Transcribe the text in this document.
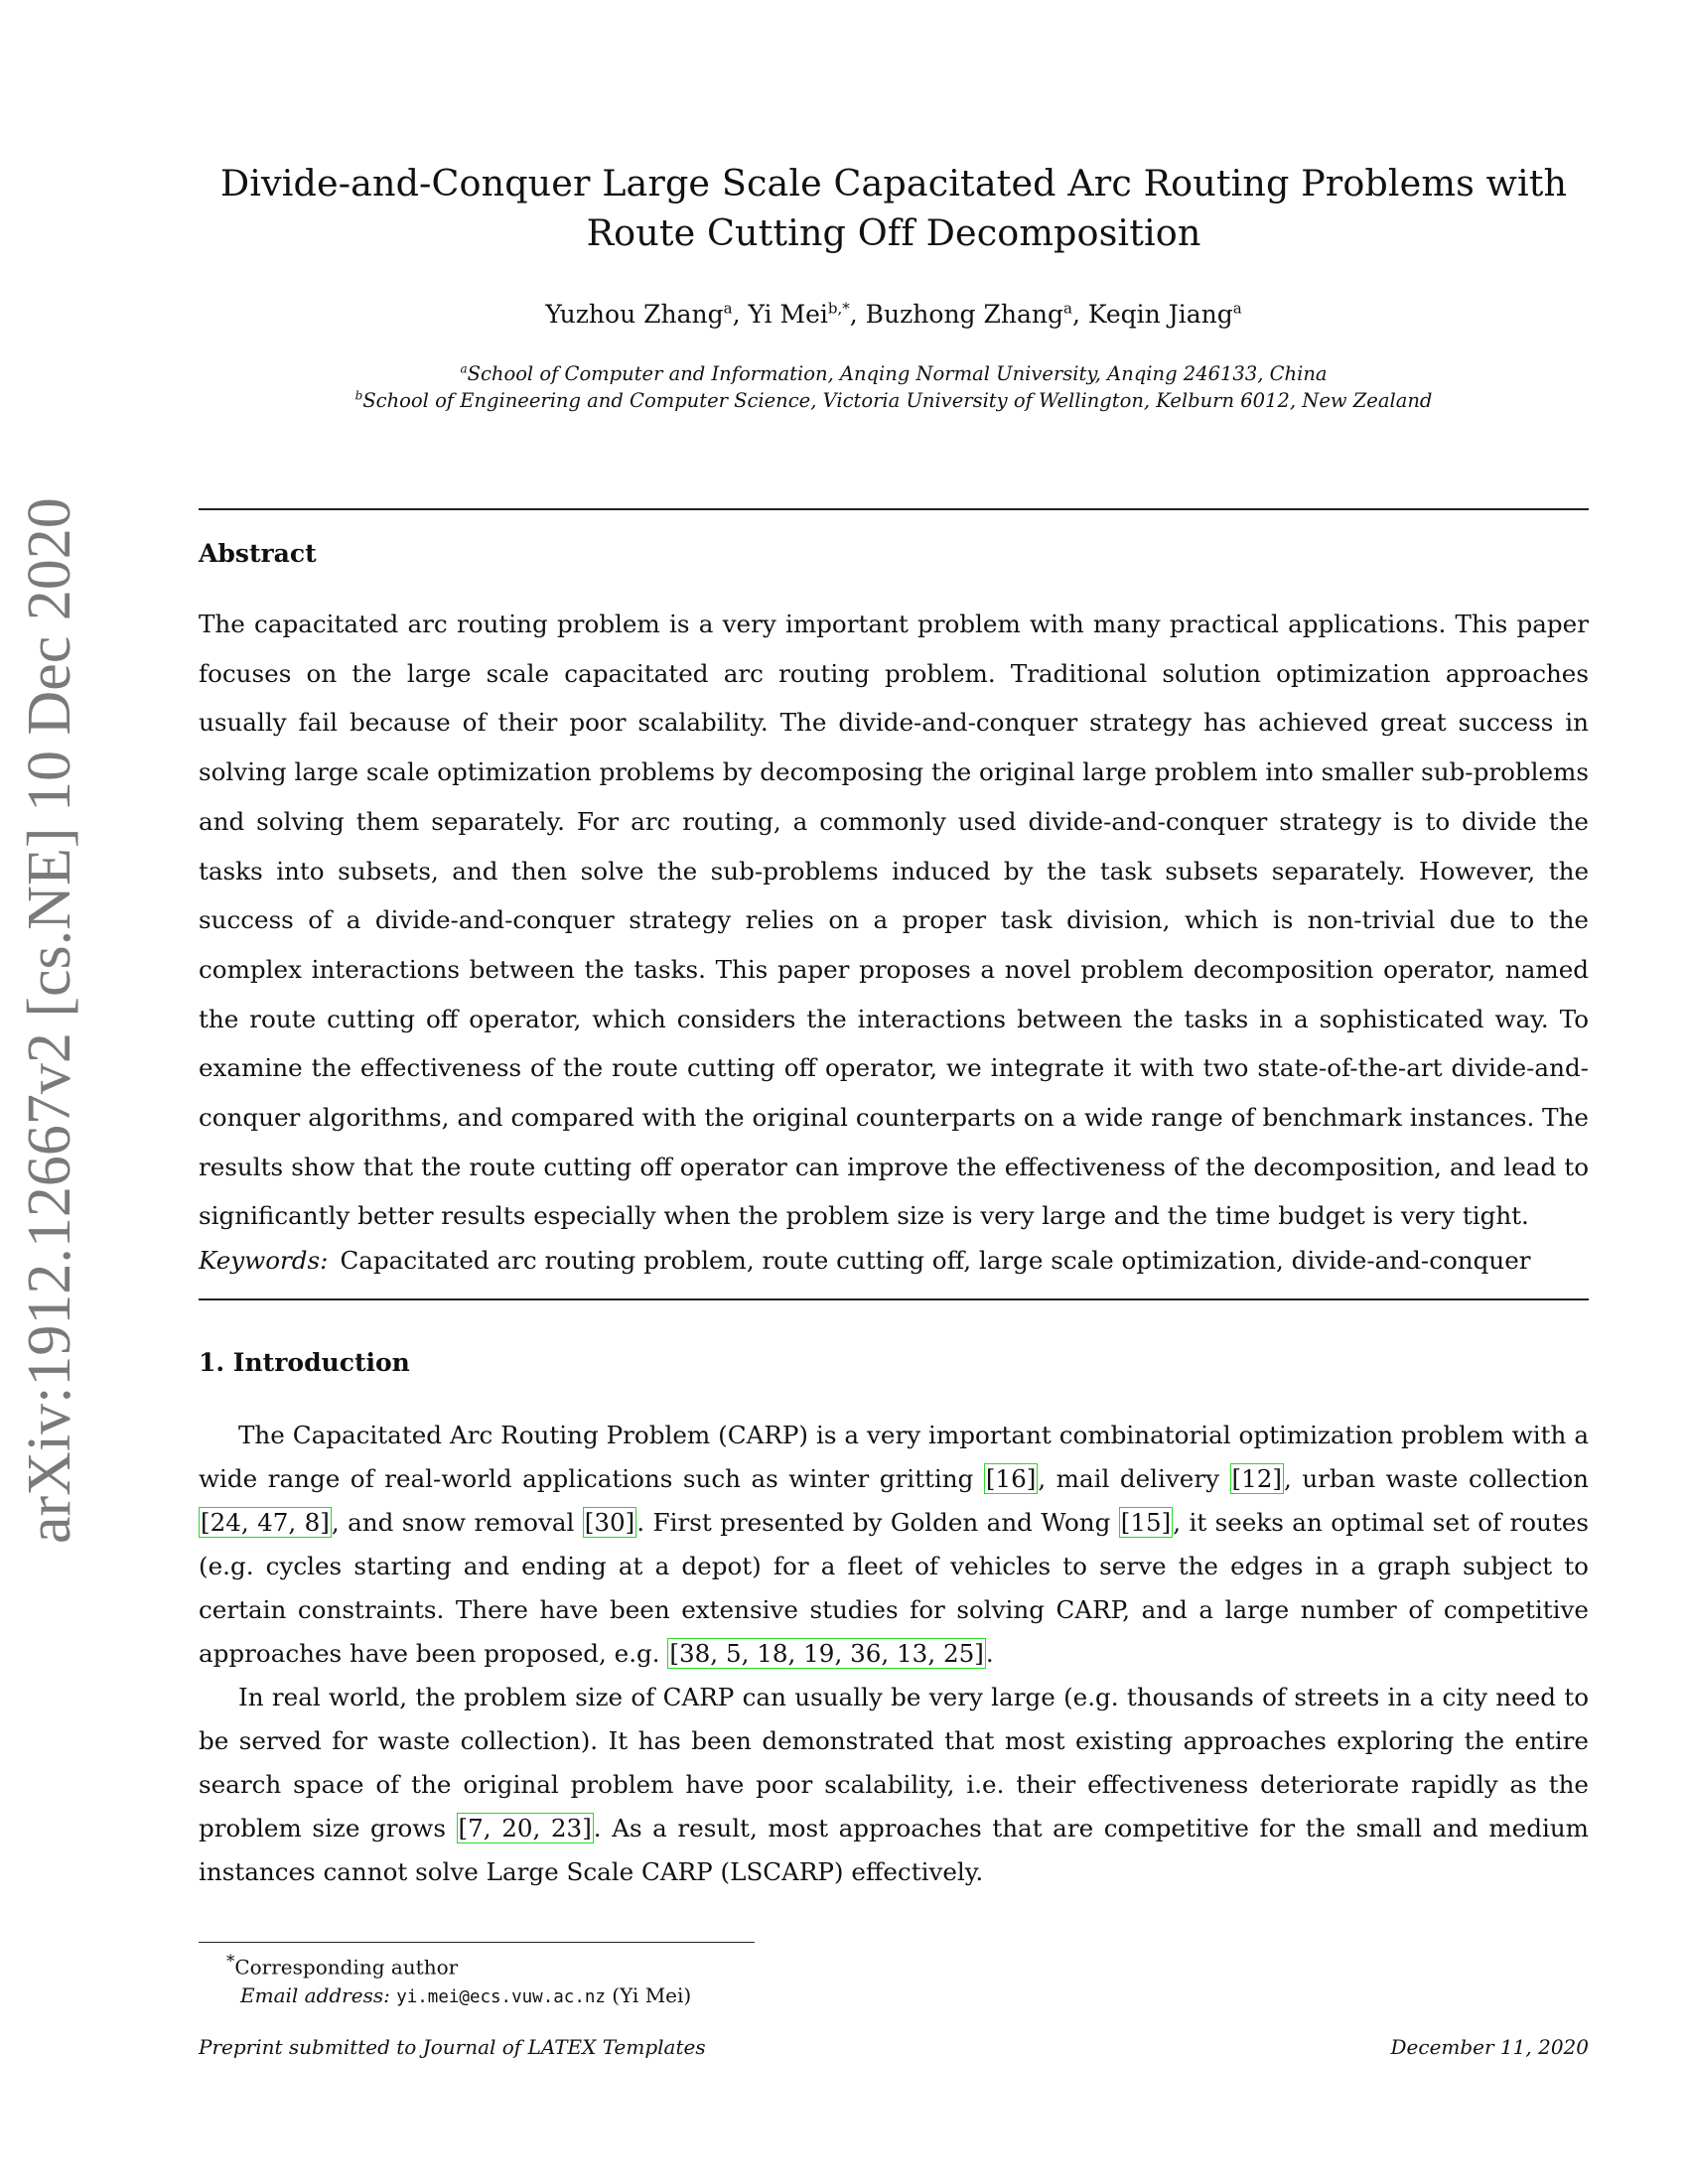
arXiv:1912.12667v2 [cs.NE] 10 Dec 2020
Divide-and-Conquer Large Scale Capacitated Arc Routing Problems with Route Cutting Off Decomposition
Yuzhou Zhang$^a$, Yi Mei$^{b,*}$, Buzhong Zhang$^a$, Keqin Jiang$^a$
$^a$School of Computer and Information, Anqing Normal University, Anqing 246133, China
$^b$School of Engineering and Computer Science, Victoria University of Wellington, Kelburn 6012, New Zealand
Abstract
The capacitated arc routing problem is a very important problem with many practical applications. This paper focuses on the large scale capacitated arc routing problem. Traditional solution optimization approaches usually fail because of their poor scalability. The divide-and-conquer strategy has achieved great success in solving large scale optimization problems by decomposing the original large problem into smaller sub-problems and solving them separately. For arc routing, a commonly used divide-and-conquer strategy is to divide the tasks into subsets, and then solve the sub-problems induced by the task subsets separately. However, the success of a divide-and-conquer strategy relies on a proper task division, which is non-trivial due to the complex interactions between the tasks. This paper proposes a novel problem decomposition operator, named the route cutting off operator, which considers the interactions between the tasks in a sophisticated way. To examine the effectiveness of the route cutting off operator, we integrate it with two state-of-the-art divide-and-conquer algorithms, and compared with the original counterparts on a wide range of benchmark instances. The results show that the route cutting off operator can improve the effectiveness of the decomposition, and lead to significantly better results especially when the problem size is very large and the time budget is very tight.
Keywords: Capacitated arc routing problem, route cutting off, large scale optimization, divide-and-conquer
1. Introduction

The Capacitated Arc Routing Problem (CARP) is a very important combinatorial optimization problem with a wide range of real-world applications such as winter gritting [16], mail delivery [12], urban waste collection [24, 47, 8], and snow removal [30]. First presented by Golden and Wong [15], it seeks an optimal set of routes (e.g. cycles starting and ending at a depot) for a fleet of vehicles to serve the edges in a graph subject to certain constraints. There have been extensive studies for solving CARP, and a large number of competitive approaches have been proposed, e.g. [38, 5, 18, 19, 36, 13, 25].

In real world, the problem size of CARP can usually be very large (e.g. thousands of streets in a city need to be served for waste collection). It has been demonstrated that most existing approaches exploring the entire search space of the original problem have poor scalability, i.e. their effectiveness deteriorate rapidly as the problem size grows [7, 20, 23]. As a result, most approaches that are competitive for the small and medium instances cannot solve Large Scale CARP (LSCARP) effectively.

*Corresponding author
Email address: yi.mei@ecs.vuw.ac.nz (Yi Mei)
Preprint submitted to Journal of LATEX Templates	December 11, 2020
